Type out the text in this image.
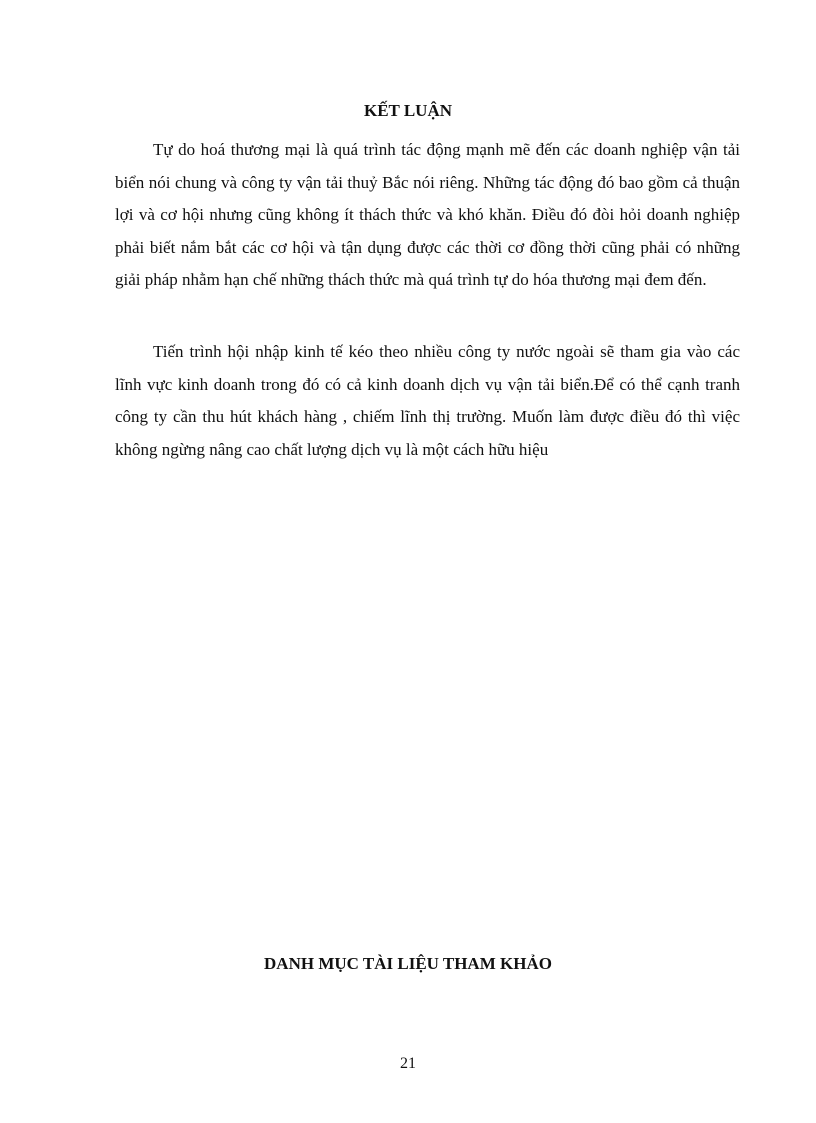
KẾT LUẬN

Tự do hoá thương mại là quá trình tác động mạnh mẽ đến các doanh nghiệp vận tải biển nói chung và công ty vận tải thuỷ Bắc nói riêng. Những tác động đó bao gồm cả thuận lợi và cơ hội nhưng cũng không ít thách thức và khó khăn. Điều đó đòi hỏi doanh nghiệp phải biết nắm bắt các cơ hội và tận dụng được các thời cơ đồng thời cũng phải có những giải pháp nhằm hạn chế những thách thức mà quá trình tự do hóa thương mại đem đến.

Tiến trình hội nhập kinh tế kéo theo nhiều công ty nước ngoài sẽ tham gia vào các lĩnh vực kinh doanh trong đó có cả kinh doanh dịch vụ vận tải biển.Để có thể cạnh tranh công ty cần thu hút khách hàng , chiếm lĩnh thị trường. Muốn làm được điều đó thì việc không ngừng nâng cao chất lượng dịch vụ là một cách hữu hiệu

DANH MỤC TÀI LIỆU THAM KHẢO
21
